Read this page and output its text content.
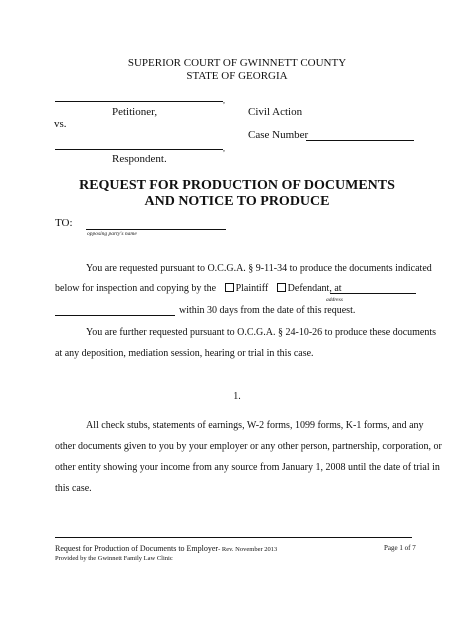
SUPERIOR COURT OF GWINNETT COUNTY
STATE OF GEORGIA
,
Petitioner,
vs.
,
Respondent.
Civil Action
Case Number
REQUEST FOR PRODUCTION OF DOCUMENTS
AND NOTICE TO PRODUCE
TO:
opposing party's name
You are requested pursuant to O.C.G.A. § 9-11-34 to produce the documents indicated
below for inspection and copying by the Plaintiff Defendant, at
address
within 30 days from the date of this request.
You are further requested pursuant to O.C.G.A. § 24-10-26 to produce these documents
at any deposition, mediation session, hearing or trial in this case.
1.
All check stubs, statements of earnings, W-2 forms, 1099 forms, K-1 forms, and any
other documents given to you by your employer or any other person, partnership, corporation, or
other entity showing your income from any source from January 1, 2008 until the date of trial in
this case.
Request for Production of Documents to Employer- Rev. November 2013
Provided by the Gwinnett Family Law Clinic
Page 1 of 7
